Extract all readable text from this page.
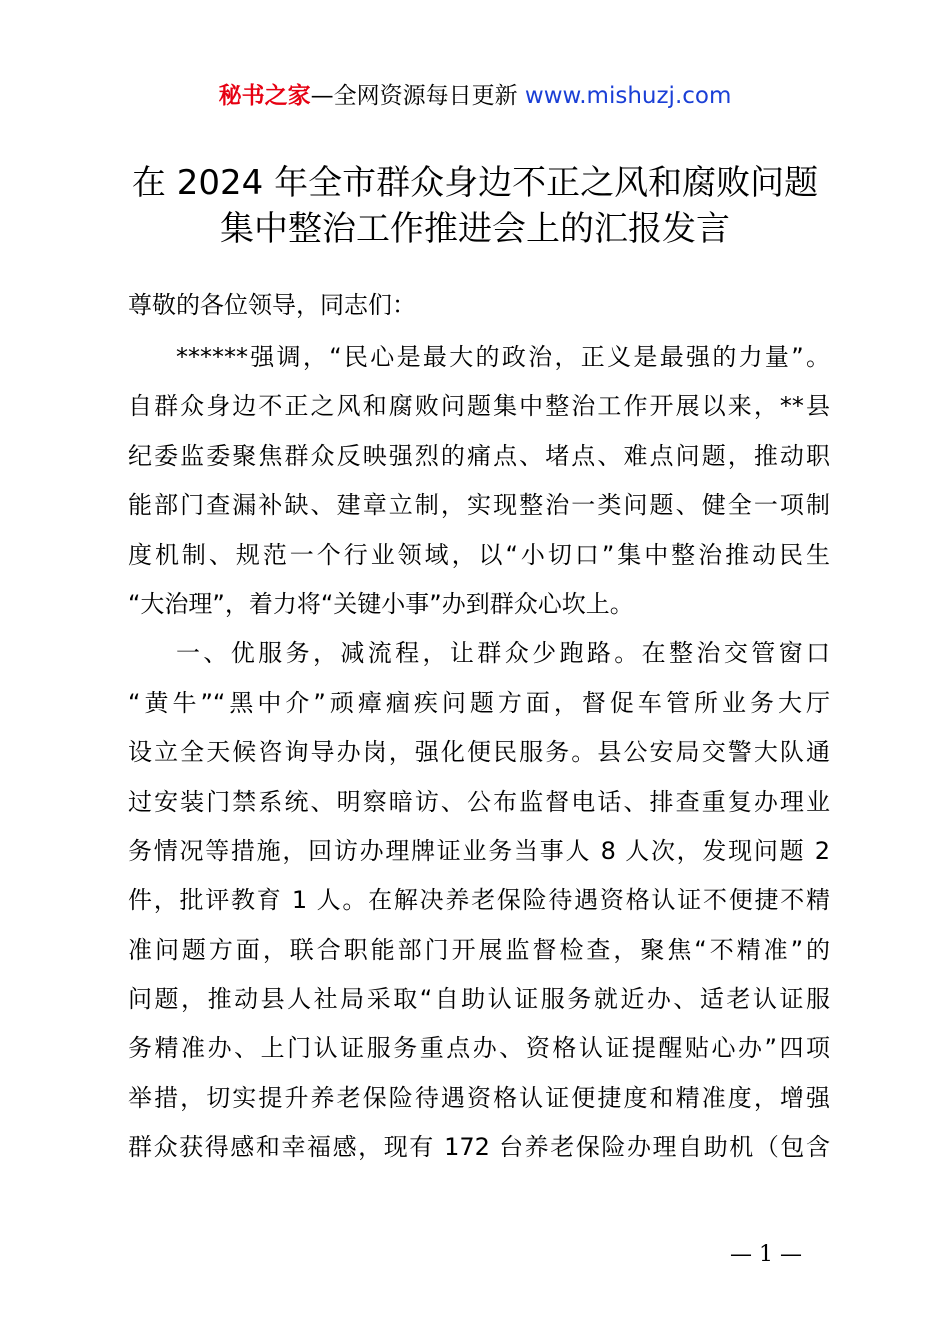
秘书之家—全网资源每日更新 www.mishuzj.com
在 2024 年全市群众身边不正之风和腐败问题
集中整治工作推进会上的汇报发言
尊敬的各位领导，同志们：
******强调，“民心是最大的政治，正义是最强的力量”。
自群众身边不正之风和腐败问题集中整治工作开展以来，**县
纪委监委聚焦群众反映强烈的痛点、堵点、难点问题，推动职
能部门查漏补缺、建章立制，实现整治一类问题、健全一项制
度机制、规范一个行业领域，以“小切口”集中整治推动民生
“大治理”，着力将“关键小事”办到群众心坎上。
一、优服务，减流程，让群众少跑路。在整治交管窗口
“黄牛”“黑中介”顽瘴痼疾问题方面，督促车管所业务大厅
设立全天候咨询导办岗，强化便民服务。县公安局交警大队通
过安装门禁系统、明察暗访、公布监督电话、排查重复办理业
务情况等措施，回访办理牌证业务当事人 8 人次，发现问题 2
件，批评教育 1 人。在解决养老保险待遇资格认证不便捷不精
准问题方面，联合职能部门开展监督检查，聚焦“不精准”的
问题，推动县人社局采取“自助认证服务就近办、适老认证服
务精准办、上门认证服务重点办、资格认证提醒贴心办”四项
举措，切实提升养老保险待遇资格认证便捷度和精准度，增强
群众获得感和幸福感，现有 172 台养老保险办理自助机（包含
— 1 —
